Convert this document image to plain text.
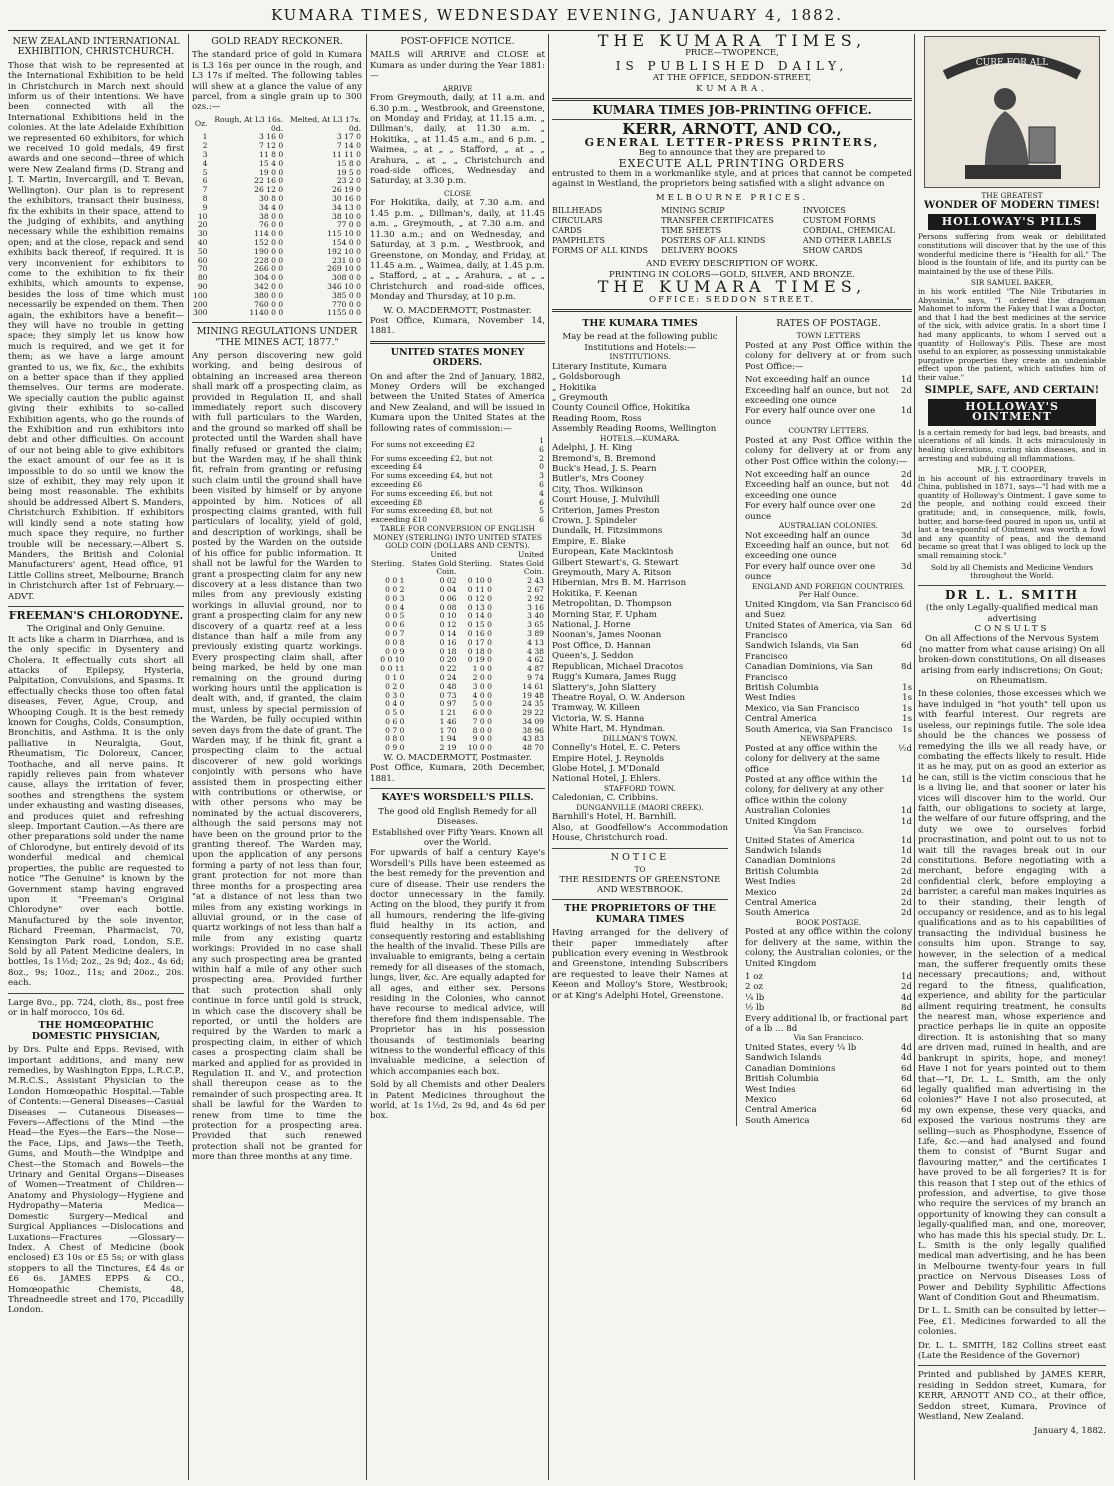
KUMARA TIMES, WEDNESDAY EVENING, JANUARY 4, 1882.
NEW ZEALAND INTERNATIONAL EXHIBITION, CHRISTCHURCH.

Those that wish to be represented at the International Exhibition to be held in Christchurch in March next should inform us of their intentions. We have been connected with all the International Exhibitions held in the colonies. At the late Adelaide Exhibition we represented 60 exhibitors, for which we received 10 gold medals, 49 first awards and one second—three of which were New Zealand firms (D. Strang and J. T. Martin, Invercargill, and T. Bevan, Wellington). Our plan is to represent the exhibitors, transact their business, fix the exhibits in their space, attend to the judging of exhibits, and anything necessary while the exhibition remains open; and at the close, repack and send exhibits back thereof, if required. It is very inconvenient for exhibitors to come to the exhibition to fix their exhibits, which amounts to expense, besides the loss of time which must necessarily be expended on them. Then again, the exhibitors have a benefit—they will have no trouble in getting space; they simply let us know how much is required, and we get it for them; as we have a large amount granted to us, we fix, &c., the exhibits on a better space than if they applied themselves. Our terms are moderate. We specially caution the public against giving their exhibits to so-called Exhibition agents, who go the rounds of the Exhibition and run exhibitors into debt and other difficulties. On account of our not being able to give exhibitors the exact amount of our fee as it is impossible to do so until we know the size of exhibit, they may rely upon it being most reasonable. The exhibits should be addressed Albert S. Manders, Christchurch Exhibition. If exhibitors will kindly send a note stating how much space they require, no further trouble will be necessary.—Albert S. Manders, the British and Colonial Manufacturers' agent, Head office, 91 Little Collins street, Melbourne; Branch in Christchurch after 1st of February.—ADVT.

FREEMAN'S CHLORODYNE.
The Original and Only Genuine.

It acts like a charm in Diarrhœa, and is the only specific in Dysentery and Cholera. It effectually cuts short all attacks of Epilepsy, Hysteria, Palpitation, Convulsions, and Spasms. It effectually checks those too often fatal diseases, Fever, Ague, Croup, and Whooping Cough. It is the best remedy known for Coughs, Colds, Consumption, Bronchitis, and Asthma. It is the only palliative in Neuralgia, Gout, Rheumatism, Tic Doloreux, Cancer, Toothache, and all nerve pains. It rapidly relieves pain from whatever cause, allays the irritation of fever, soothes and strengthens the system under exhausting and wasting diseases, and produces quiet and refreshing sleep. Important Caution.—As there are other preparations sold under the name of Chlorodyne, but entirely devoid of its wonderful medical and chemical properties, the public are requested to notice "The Genuine" is known by the Government stamp having engraved upon it "Freeman's Original Chlorodyne" over each bottle. Manufactured by the sole inventor, Richard Freeman, Pharmacist, 70, Kensington Park road, London, S.E. Sold by all Patent Medicine dealers, in bottles, 1s 1½d; 2oz., 2s 9d; 4oz., 4s 6d; 8oz., 9s; 10oz., 11s; and 20oz., 20s. each.

Large 8vo., pp. 724, cloth, 8s., post free or in half morocco, 10s 6d.

THE HOMŒOPATHIC DOMESTIC PHYSICIAN,

by Drs. Pulte and Epps. Revised, with important additions, and many new remedies, by Washington Epps, L.R.C.P., M.R.C.S., Assistant Physician to the London Homœopathic Hospital.—Table of Contents:—General Diseases—Casual Diseases — Cutaneous Diseases—Fevers—Affections of the Mind —the Head—the Eyes—the Ears—the Nose—the Face, Lips, and Jaws—the Teeth, Gums, and Mouth—the Windpipe and Chest—the Stomach and Bowels—the Urinary and Genital Organs—Diseases of Women—Treatment of Children—Anatomy and Physiology—Hygiene and Hydropathy—Materia Medica—Domestic Surgery—Medical and Surgical Appliances —Dislocations and Luxations—Fractures —Glossary—Index. A Chest of Medicine (book enclosed) £3 10s or £5 5s; or with glass stoppers to all the Tinctures, £4 4s or £6 6s. JAMES EPPS & CO., Homœopathic Chemists, 48, Threadneedle street and 170, Piccadilly London.

GOLD READY RECKONER.

The standard price of gold in Kumara is L3 16s per ounce in the rough, and L3 17s if melted. The following tables will shew at a glance the value of any parcel, from a single grain up to 300 ozs.:—

Oz.	Rough, At L3 16s. 0d.	Melted, At L3 17s. 0d.
1	3 16 0	3 17 0
2	7 12 0	7 14 0
3	11 8 0	11 11 0
4	15 4 0	15 8 0
5	19 0 0	19 5 0
6	22 16 0	23 2 0
7	26 12 0	26 19 0
8	30 8 0	30 16 0
9	34 4 0	34 13 0
10	38 0 0	38 10 0
20	76 0 0	77 0 0
30	114 0 0	115 10 0
40	152 0 0	154 0 0
50	190 0 0	192 10 0
60	228 0 0	231 0 0
70	266 0 0	269 10 0
80	304 0 0	308 0 0
90	342 0 0	346 10 0
100	380 0 0	385 0 0
200	760 0 0	770 0 0
300	1140 0 0	1155 0 0
MINING REGULATIONS UNDER "THE MINES ACT, 1877."

Any person discovering new gold working, and being desirous of obtaining an increased area thereon shall mark off a prospecting claim, as provided in Regulation II, and shall immediately report such discovery with full particulars to the Warden, and the ground so marked off shall be protected until the Warden shall have finally refused or granted the claim; but the Warden may, if he shall think fit, refrain from granting or refusing such claim until the ground shall have been visited by himself or by anyone appointed by him. Notices of all prospecting claims granted, with full particulars of locality, yield of gold, and description of workings, shall be posted by the Warden on the outside of his office for public information. It shall not be lawful for the Warden to grant a prospecting claim for any new discovery at a less distance than two miles from any previously existing workings in alluvial ground, nor to grant a prospecting claim for any new discovery of a quartz reef at a less distance than half a mile from any previously existing quartz workings. Every prospecting claim shall, after being marked, be held by one man remaining on the ground during working hours until the application is dealt with, and, if granted, the claim must, unless by special permission of the Warden, be fully occupied within seven days from the date of grant. The Warden may, if he think fit, grant a prospecting claim to the actual discoverer of new gold workings conjointly with persons who have assisted them in prospecting either with contributions or otherwise, or with other persons who may be nominated by the actual discoverers, although the said persons may not have been on the ground prior to the granting thereof. The Warden may, upon the application of any persons forming a party of not less than four, grant protection for not more than three months for a prospecting area "at a distance of not less than two miles from any existing workings in alluvial ground, or in the case of quartz workings of not less than half a mile from any existing quartz workings: Provided in no case shall any such prospecting area be granted within half a mile of any other such prospecting area. Provided further that such protection shall only continue in force until gold is struck, in which case the discovery shall be reported, or until the holders are required by the Warden to mark a prospecting claim, in either of which cases a prospecting claim shall be marked and applied for as provided in Regulation II. and V., and protection shall thereupon cease as to the remainder of such prospecting area. It shall be lawful for the Warden to renew from time to time the protection for a prospecting area. Provided that such renewed protection shall not be granted for more than three months at any time.

POST-OFFICE NOTICE.

MAILS will ARRIVE and CLOSE at Kumara as under during the Year 1881:—

ARRIVE

From Greymouth, daily, at 11 a.m. and 6.30 p.m. „ Westbrook, and Greenstone, on Monday and Friday, at 11.15 a.m. „ Dillman's, daily, at 11.30 a.m. „ Hokitika, „ at 11.45 a.m., and 6 p.m. „ Waimea, „ at „ „ Stafford, „ at „ „ Arahura, „ at „ „ Christchurch and road-side offices, Wednesday and Saturday, at 3.30 p.m.

CLOSE

For Hokitika, daily, at 7.30 a.m. and 1.45 p.m. „ Dillman's, daily, at 11.45 a.m. „ Greymouth, „ at 7.30 a.m. and 11.30 a.m.; and on Wednesday, and Saturday, at 3 p.m. „ Westbrook, and Greenstone, on Monday, and Friday, at 11.45 a.m. „ Waimea, daily, at 1.45 p.m. „ Stafford, „ at „ „ Arahura, „ at „ „ Christchurch and road-side offices, Monday and Thursday, at 10 p.m.

W. O. MACDERMOTT, Postmaster.

Post Office, Kumara, November 14, 1881.

UNITED STATES MONEY ORDERS.

On and after the 2nd of January, 1882, Money Orders will be exchanged between the United States of America and New Zealand, and will be issued in Kumara upon the United States at the following rates of commission:—

For sums not exceeding £2	1 6
For sums exceeding £2, but not exceeding £4	2 0
For sums exceeding £4, but not exceeding £6	3 6
For sums exceeding £6, but not exceeding £8	4 6
For sums exceeding £8, but not exceeding £10	5 6
TABLE FOR CONVERSION OF ENGLISH MONEY (STERLING) INTO UNITED STATES GOLD COIN (DOLLARS AND CENTS).
Sterling.	United States Gold Coin.	Sterling.	United States Gold Coin.
0 0 1	0 02	0 10 0	2 43
0 0 2	0 04	0 11 0	2 67
0 0 3	0 06	0 12 0	2 92
0 0 4	0 08	0 13 0	3 16
0 0 5	0 10	0 14 0	3 40
0 0 6	0 12	0 15 0	3 65
0 0 7	0 14	0 16 0	3 89
0 0 8	0 16	0 17 0	4 13
0 0 9	0 18	0 18 0	4 38
0 0 10	0 20	0 19 0	4 62
0 0 11	0 22	1 0 0	4 87
0 1 0	0 24	2 0 0	9 74
0 2 0	0 48	3 0 0	14 61
0 3 0	0 73	4 0 0	19 48
0 4 0	0 97	5 0 0	24 35
0 5 0	1 21	6 0 0	29 22
0 6 0	1 46	7 0 0	34 09
0 7 0	1 70	8 0 0	38 96
0 8 0	1 94	9 0 0	43 83
0 9 0	2 19	10 0 0	48 70
W. O. MACDERMOTT, Postmaster.

Post Office, Kumara, 20th December, 1881.

KAYE'S WORSDELL'S PILLS.
The good old English Remedy for all Diseases.
Established over Fifty Years. Known all over the World.

For upwards of half a century Kaye's Worsdell's Pills have been esteemed as the best remedy for the prevention and cure of disease. Their use renders the doctor unnecessary in the family. Acting on the blood, they purify it from all humours, rendering the life-giving fluid healthy in its action, and consequently restoring and establishing the health of the invalid. These Pills are invaluable to emigrants, being a certain remedy for all diseases of the stomach, lungs, liver, &c. Are equally adapted for all ages, and either sex. Persons residing in the Colonies, who cannot have recourse to medical advice, will therefore find them indispensable. The Proprietor has in his possession thousands of testimonials bearing witness to the wonderful efficacy of this invaluable medicine, a selection of which accompanies each box.

Sold by all Chemists and other Dealers in Patent Medicines throughout the world, at 1s 1½d, 2s 9d, and 4s 6d per box.

THE KUMARA TIMES,
PRICE—TWOPENCE,
IS PUBLISHED DAILY,
AT THE OFFICE, SEDDON-STREET,
KUMARA.
KUMARA TIMES JOB-PRINTING OFFICE.
KERR, ARNOTT, AND CO.,
GENERAL LETTER-PRESS PRINTERS,
Beg to announce that they are prepared to
EXECUTE ALL PRINTING ORDERS

entrusted to them in a workmanlike style, and at prices that cannot be competed against in Westland, the proprietors being satisfied with a slight advance on

MELBOURNE PRICES.
BILLHEADS	MINING SCRIP	INVOICES
CIRCULARS	TRANSFER CERTIFICATES	CUSTOM FORMS
CARDS	TIME SHEETS	CORDIAL, CHEMICAL
PAMPHLETS	POSTERS OF ALL KINDS	AND OTHER LABELS
FORMS OF ALL KINDS	DELIVERY BOOKS	SHOW CARDS
AND EVERY DESCRIPTION OF WORK.
PRINTING IN COLORS—GOLD, SILVER, AND BRONZE.
THE KUMARA TIMES,
OFFICE: SEDDON STREET.
THE KUMARA TIMES
May be read at the following public Institutions and Hotels:—
INSTITUTIONS.
Literary Institute, Kumara
„ Goldsborough
„ Hokitika
„ Greymouth
County Council Office, Hokitika
Reading Room, Ross
Assembly Reading Rooms, Wellington
HOTELS.—KUMARA.
Adelphi, J. H. King
Bremond's, B. Bremond
Buck's Head, J. S. Pearn
Butler's, Mrs Cooney
City, Thos. Wilkinson
Court House, J. Mulvihill
Criterion, James Preston
Crown, J. Spindeler
Dundalk, H. Fitzsimmons
Empire, E. Blake
European, Kate Mackintosh
Gilbert Stewart's, G. Stewart
Greymouth, Mary A. Ritson
Hibernian, Mrs B. M. Harrison
Hokitika, F. Keenan
Metropolitan, D. Thompson
Morning Star, F. Upham
National, J. Horne
Noonan's, James Noonan
Post Office, D. Hannan
Queen's, J. Seddon
Republican, Michael Dracotos
Rugg's Kumara, James Rugg
Slattery's, John Slattery
Theatre Royal, O. W. Anderson
Tramway, W. Killeen
Victoria, W. S. Hanna
White Hart, M. Hyndman.
DILLMAN'S TOWN.
Connelly's Hotel, E. C. Peters
Empire Hotel, J. Reynolds
Globe Hotel, J. M'Donald
National Hotel, J. Ehlers.
STAFFORD TOWN.
Caledonian, C. Cribbins.
DUNGANVILLE (MAORI CREEK).
Barnhill's Hotel, H. Barnhill.

Also, at Goodfellow's Accommodation House, Christchurch road.

NOTICE
TO
THE RESIDENTS OF GREENSTONE AND WESTBROOK.
THE PROPRIETORS OF THE KUMARA TIMES

Having arranged for the delivery of their paper immediately after publication every evening in Westbrook and Greenstone, intending Subscribers are requested to leave their Names at Keeon and Molloy's Store, Westbrook; or at King's Adelphi Hotel, Greenstone.

RATES OF POSTAGE.
TOWN LETTERS

Posted at any Post Office within the colony for delivery at or from such Post Office:—

Not exceeding half an ounce	1d
Exceeding half an ounce, but not exceeding one ounce
2d
For every half ounce over one ounce
1d
COUNTRY LETTERS.

Posted at any Post Office within the colony for delivery at or from any other Post Office within the colony:—

Not exceeding half an ounce	2d
Exceeding half an ounce, but not exceeding one ounce
4d
For every half ounce over one ounce
2d
AUSTRALIAN COLONIES.
Not exceeding half an ounce	3d
Exceeding half an ounce, but not exceeding one ounce
6d
For every half ounce over one ounce
3d
ENGLAND AND FOREIGN COUNTRIES. Per Half Ounce.
United Kingdom, via San Francisco and Suez
6d
United States of America, via San Francisco
6d
Sandwich Islands, via San Francisco
6d
Canadian Dominions, via San Francisco
8d
British Columbia	1s
West Indies	1s
Mexico, via San Francisco	1s
Central America	1s
South America, via San Francisco 1s
NEWSPAPERS.
Posted at any office within the colony for delivery at the same office
½d
Posted at any office within the colony, for delivery at any other office within the colony
1d
Australian Colonies	1d
United Kingdom	1d
Via San Francisco.
United States of America	1d
Sandwich Islands	1d
Canadian Dominions	2d
British Columbia	2d
West Indies	2d
Mexico	2d
Central America	2d
South America	2d
BOOK POSTAGE.

Posted at any office within the colony for delivery at the same, within the colony, the Australian colonies, or the United Kingdom

1 oz	1d
2 oz	2d
¼ lb	4d
½ lb	8d
Every additional lb, or fractional part of a lb … 8d
Via San Francisco.
United States, every ¼ lb	4d
Sandwich Islands	4d
Canadian Dominions	6d
British Columbia	6d
West Indies	6d
Mexico	6d
Central America	6d
South America	6d
CURE FOR ALL
THE GREATEST
WONDER OF MODERN TIMES!
HOLLOWAY'S PILLS

Persons suffering from weak or debilitated constitutions will discover that by the use of this wonderful medicine there is "Health for all." The blood is the fountain of life, and its purity can be maintained by the use of these Pills.

SIR SAMUEL BAKER,

in his work entitled "The Nile Tributaries in Abyssinia," says, "I ordered the dragoman Mahomet to inform the Fakey that I was a Doctor, and that I had the best medicines at the service of the sick, with advice gratis. In a short time I had many applicants, to whom I served out a quantity of Holloway's Pills. These are most useful to an explorer, as possessing unmistakable purgative properties they create an undeniable effect upon the patient, which satisfies him of their value."

SIMPLE, SAFE, AND CERTAIN!
HOLLOWAY'S OINTMENT

Is a certain remedy for bad legs, bad breasts, and ulcerations of all kinds. It acts miraculously in healing ulcerations, curing skin diseases, and in arresting and subduing all inflammations.

MR. J. T. COOPER,

in his account of his extraordinary travels in China, published in 1871, says—"I had with me a quantity of Holloway's Ointment. I gave some to the people, and nothing could exceed their gratitude; and, in consequence, milk, fowls, butter, and horse-feed poured in upon us, until at last a tea-spoonful of Ointment was worth a fowl and any quantity of peas, and the demand became so great that I was obliged to lock up the small remaining stock."

Sold by all Chemists and Medicine Vendors throughout the World.
DR L. L. SMITH
(the only Legally-qualified medical man advertising
CONSULTS

On all Affections of the Nervous System (no matter from what cause arising) On all broken-down constitutions, On all diseases arising from early indiscretions; On Gout; on Rheumatism.

In these colonies, those excesses which we have indulged in "hot youth" tell upon us with fearful interest. Our regrets are useless, our repinings futile. The sole idea should be the chances we possess of remedying the ills we all ready have, or combating the effects likely to result. Hide it as he may, put on as good an exterior as he can, still is the victim conscious that he is a living lie, and that sooner or later his vices will discover him to the world. Our faith, our obligations to society at large, the welfare of our future offspring, and the duty we owe to ourselves forbid procrastination, and point out to us not to wait till the ravages break out in our constitutions. Before negotiating with a merchant, before engaging with a confidential clerk, before employing a barrister, a careful man makes inquiries as to their standing, their length of occupancy or residence, and as to his legal qualifications and as to his capabilities of transacting the individual business he consults him upon. Strange to say, however, in the selection of a medical man, the sufferer frequently omits these necessary precautions; and, without regard to the fitness, qualification, experience, and ability for the particular ailment requiring treatment, he consults the nearest man, whose experience and practice perhaps lie in quite an opposite direction. It is astonishing that so many are driven mad, ruined in health, and are bankrupt in spirits, hope, and money! Have I not for years pointed out to them that—"I, Dr. L. L. Smith, am the only legally qualified man advertising in the colonies?" Have I not also prosecuted, at my own expense, these very quacks, and exposed the various nostrums they are selling—such as Phosphodyne, Essence of Life, &c.—and had analysed and found them to consist of "Burnt Sugar and flavouring matter," and the certificates I have proved to be all forgeries? It is for this reason that I step out of the ethics of profession, and advertise, to give those who require the services of my branch an opportunity of knowing they can consult a legally-qualified man, and one, moreover, who has made this his special study. Dr. L. L. Smith is the only legally qualified medical man advertising, and he has been in Melbourne twenty-four years in full practice on Nervous Diseases Loss of Power and Debility Syphilitic Affections Want of Condition Gout and Rheumatism.

Dr L. L. Smith can be consulted by letter—Fee, £1. Medicines forwarded to all the colonies.

Dr. L. L. SMITH, 182 Collins street east (Late the Residence of the Governor)

Printed and published by JAMES KERR, residing in Seddon street, Kumara, for KERR, ARNOTT AND CO., at their office, Seddon street, Kumara, Province of Westland, New Zealand.

January 4, 1882.
